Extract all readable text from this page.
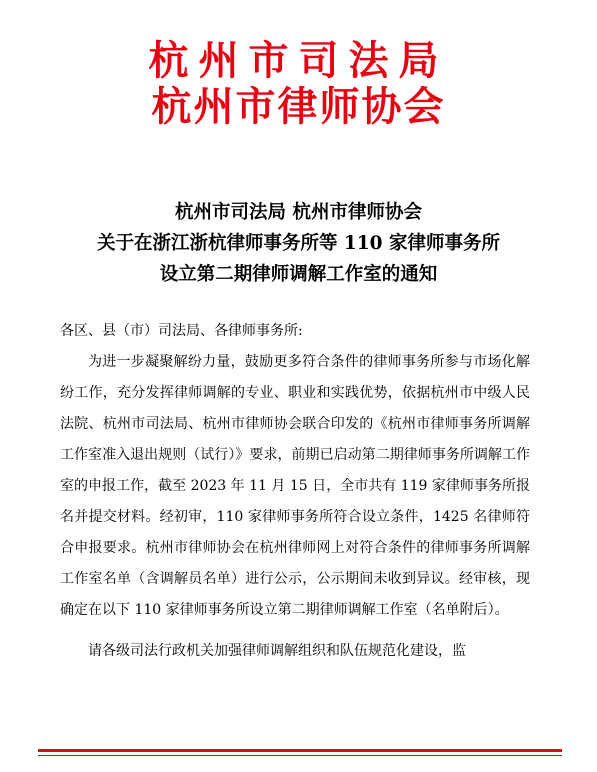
杭州市司法局
杭州市律师协会
杭州市司法局 杭州市律师协会
关于在浙江浙杭律师事务所等 110 家律师事务所
设立第二期律师调解工作室的通知

各区、县（市）司法局、各律师事务所:

为进一步凝聚解纷力量，鼓励更多符合条件的律师事务所参与市场化解纷工作，充分发挥律师调解的专业、职业和实践优势，依据杭州市中级人民法院、杭州市司法局、杭州市律师协会联合印发的《杭州市律师事务所调解工作室准入退出规则（试行）》要求，前期已启动第二期律师事务所调解工作室的申报工作，截至 2023 年 11 月 15 日，全市共有 119 家律师事务所报名并提交材料。经初审，110 家律师事务所符合设立条件，1425 名律师符合申报要求。杭州市律师协会在杭州律师网上对符合条件的律师事务所调解工作室名单（含调解员名单）进行公示，公示期间未收到异议。经审核，现确定在以下 110 家律师事务所设立第二期律师调解工作室（名单附后）。

请各级司法行政机关加强律师调解组织和队伍规范化建设，监
